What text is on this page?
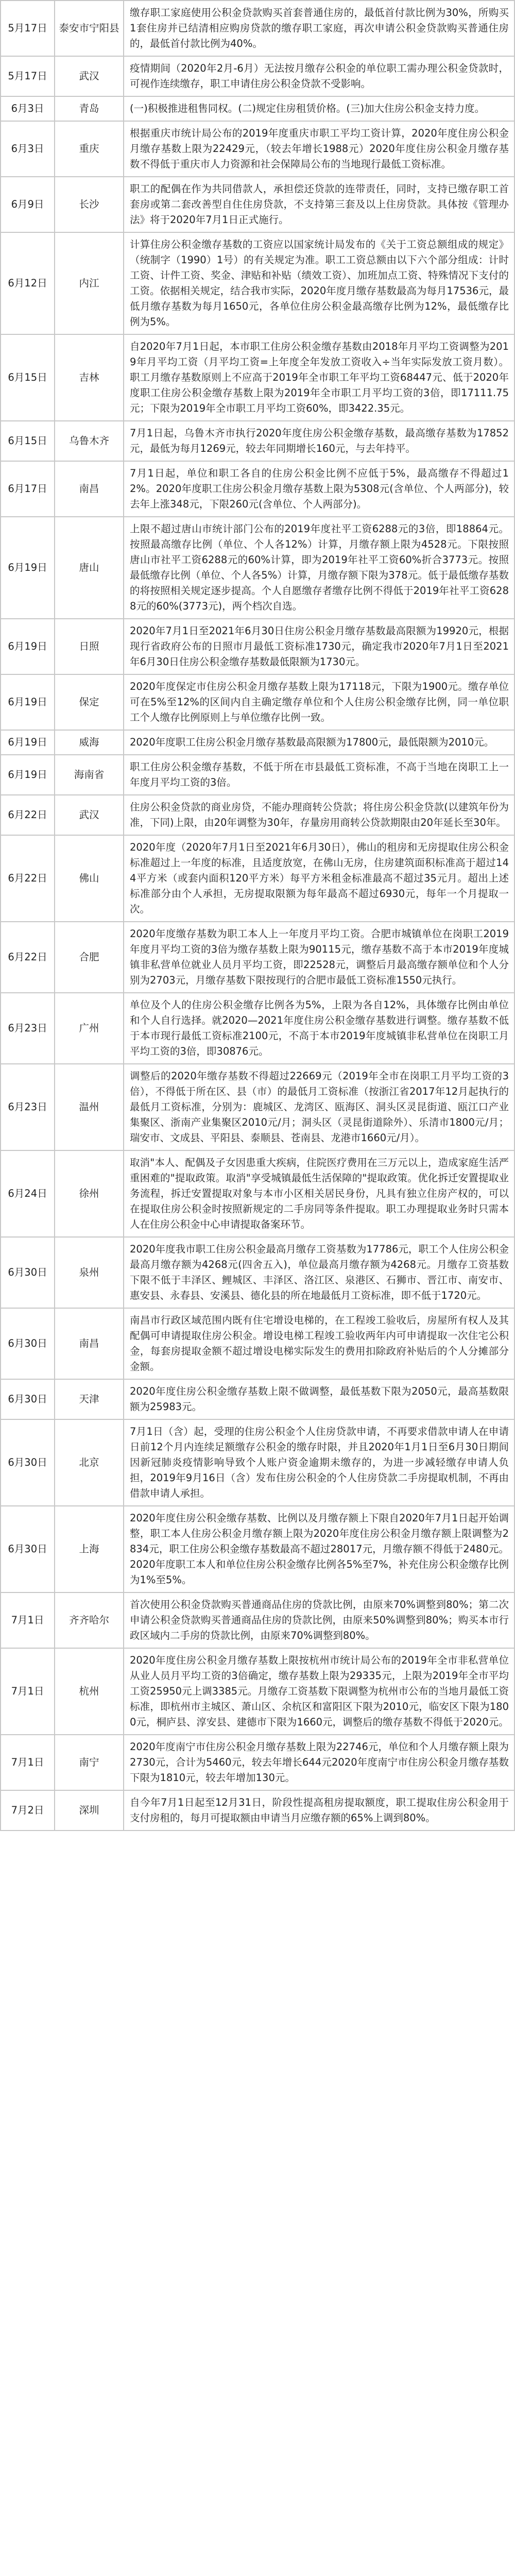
5月17日	泰安市宁阳县	缴存职工家庭使用公积金贷款购买首套普通住房的，最低首付款比例为30%，所购买1套住房并已结清相应购房贷款的缴存职工家庭，再次申请公积金贷款购买普通住房的，最低首付款比例为40%。
5月17日	武汉	疫情期间（2020年2月-6月）无法按月缴存公积金的单位职工需办理公积金贷款时，可视作连续缴存，职工申请住房公积金贷款不受影响。
6月3日	青岛	(一)积极推进租售同权。(二)规定住房租赁价格。(三)加大住房公积金支持力度。
6月3日	重庆	根据重庆市统计局公布的2019年度重庆市职工平均工资计算，2020年度住房公积金月缴存基数上限为22429元，（较去年增长1988元）2020年度住房公积金月缴存基数不得低于重庆市人力资源和社会保障局公布的当地现行最低工资标准。
6月9日	长沙	职工的配偶在作为共同借款人，承担偿还贷款的连带责任，同时，支持已缴存职工首套房或第二套改善型自住住房贷款，不支持第三套及以上住房贷款。具体按《管理办法》将于2020年7月1日正式施行。
6月12日	内江	计算住房公积金缴存基数的工资应以国家统计局发布的《关于工资总额组成的规定》（统制字（1990）1号）的有关规定为准。职工工资总额由以下六个部分组成：计时工资、计件工资、奖金、津贴和补贴（绩效工资）、加班加点工资、特殊情况下支付的工资。依据相关规定，结合我市实际，2020年度月缴存基数最高为每月17536元，最低月缴存基数为每月1650元，各单位住房公积金最高缴存比例为12%，最低缴存比例为5%。
6月15日	吉林	自2020年7月1日起，本市职工住房公积金缴存基数由2018年月平均工资调整为2019年月平均工资（月平均工资=上年度全年发放工资收入÷当年实际发放工资月数）。职工月缴存基数原则上不应高于2019年全市职工年平均工资68447元、低于2020年度职工住房公积金缴存基数上限为2019年全市职工月平均工资的3倍，即17111.75元；下限为2019年全市职工月平均工资60%，即3422.35元。
6月15日	乌鲁木齐	7月1日起，乌鲁木齐市执行2020年度住房公积金缴存基数，最高缴存基数为17852元，最低为每月1269元，较去年同期增长160元，与去年持平。
6月17日	南昌	7月1日起，单位和职工各自的住房公积金比例不应低于5%，最高缴存不得超过12%。2020年度职工住房公积金月缴存基数上限为5308元(含单位、个人两部分)，较去年上涨348元，下限260元(含单位、个人两部分)。
6月19日	唐山	上限不超过唐山市统计部门公布的2019年度社平工资6288元的3倍，即18864元。按照最高缴存比例（单位、个人各12%）计算，月缴存额上限为4528元。下限按照唐山市社平工资6288元的60%计算，即为2019年社平工资60%折合3773元。按照最低缴存比例（单位、个人各5%）计算，月缴存额下限为378元。低于最低缴存基数的将按照相关规定逐步提高。个人自愿缴存者缴存比例不得低于2019年社平工资6288元的60%(3773元)，两个档次自选。
6月19日	日照	2020年7月1日至2021年6月30日住房公积金月缴存基数最高限额为19920元，根据现行省政府公布的日照市月最低工资标准1730元，确定我市2020年7月1日至2021年6月30日住房公积金缴存基数最低限额为1730元。
6月19日	保定	2020年度保定市住房公积金月缴存基数上限为17118元，下限为1900元。缴存单位可在5%至12%的区间内自主确定缴存单位和个人住房公积金缴存比例，同一单位职工个人缴存比例原则上与单位缴存比例一致。
6月19日	威海	2020年度职工住房公积金月缴存基数最高限额为17800元，最低限额为2010元。
6月19日	海南省	职工住房公积金缴存基数，不低于所在市县最低工资标准，不高于当地在岗职工上一年度月平均工资的3倍。
6月22日	武汉	住房公积金贷款的商业房贷，不能办理商转公贷款；将住房公积金贷款(以建筑年份为准，下同)上限，由20年调整为30年，存量房用商转公贷款期限由20年延长至30年。
6月22日	佛山	2020年度（2020年7月1日至2021年6月30日），佛山的租房和无房提取住房公积金标准超过上一年度的标准，且适度放宽，在佛山无房，住房建筑面积标准高于超过144平方米（或套内面积120平方米）每平方米租金标准最高不超过35元月。超出上述标准部分由个人承担，无房提取限额为每年最高不超过6930元，每年一个月提取一次。
6月22日	合肥	2020年度缴存基数为职工本人上一年度月平均工资。合肥市城镇单位在岗职工2019年度月平均工资的3倍为缴存基数上限为90115元，缴存基数不高于本市2019年度城镇非私营单位就业人员月平均工资，即22528元，调整后月最高缴存额单位和个人分别为2703元，月缴存基数下限按现行的合肥市最低工资标准1550元执行。
6月23日	广州	单位及个人的住房公积金缴存比例各为5%，上限为各自12%，具体缴存比例由单位和个人自行选择。就2020—2021年度住房公积金缴存基数进行调整。缴存基数不低于本市现行最低工资标准2100元，不高于本市2019年度城镇非私营单位在岗职工月平均工资的3倍，即30876元。
6月23日	温州	调整后的2020年缴存基数不得超过22669元（2019年全市在岗职工月平均工资的3倍），不得低于所在区、县（市）的最低月工资标准（按浙江省2017年12月起执行的最低月工资标准，分别为：鹿城区、龙湾区、瓯海区、洞头区灵昆街道、瓯江口产业集聚区、浙南产业集聚区2010元/月；洞头区（灵昆街道除外）、乐清市1800元/月；瑞安市、文成县、平阳县、泰顺县、苍南县、龙港市1660元/月）。
6月24日	徐州	取消"本人、配偶及子女因患重大疾病，住院医疗费用在三万元以上，造成家庭生活严重困难的"提取政策。取消"享受城镇最低生活保障的"提取政策。优化拆迁安置提取业务流程，拆迁安置提取对象与本市小区相关居民身份，凡具有独立住房产权的，可以在提取住房公积金时按照新规定的二手房同等条件提取。职工办理提取业务时只需本人在住房公积金中心申请提取备案环节。
6月30日	泉州	2020年度我市职工住房公积金最高月缴存工资基数为17786元，职工个人住房公积金最高月缴存额为4268元(四舍五入)，单位最高月缴存额为4268元。月缴存工资基数下限不低于丰泽区、鲤城区、丰泽区、洛江区、泉港区、石狮市、晋江市、南安市、惠安县、永春县、安溪县、德化县的所在地最低月工资标准，即不低于1720元。
6月30日	南昌	南昌市行政区域范围内既有住宅增设电梯的，在工程竣工验收后，房屋所有权人及其配偶可申请提取住房公积金。增设电梯工程竣工验收两年内可申请提取一次住宅公积金，每套房提取金额不超过增设电梯实际发生的费用扣除政府补贴后的个人分摊部分金额。
6月30日	天津	2020年度住房公积金缴存基数上限不做调整，最低基数下限为2050元，最高基数限额为25983元。
6月30日	北京	7月1日（含）起，受理的住房公积金个人住房贷款申请，不再要求借款申请人在申请日前12个月内连续足额缴存公积金的缴存时限，并且2020年1月1日至6月30日期间因新冠肺炎疫情影响导致个人账户资金逾期未缴存的，为进一步减轻缴存申请人负担，2019年9月16日（含）发布住房公积金的个人住房贷款二手房提取机制，不再由借款申请人承担。
6月30日	上海	2020年度住房公积金缴存基数、比例以及月缴存额上下限自2020年7月1日起开始调整，职工本人住房公积金月缴存额上限为2020年度住房公积金月缴存额上限调整为2834元，职工住房公积金缴存基数最高不超过28017元，月缴存额不得低于2480元。2020年度职工本人和单位住房公积金缴存比例各5%至7%，补充住房公积金缴存比例为1%至5%。
7月1日	齐齐哈尔	首次使用公积金贷款购买普通商品住房的贷款比例，由原来70%调整到80%；第二次申请公积金贷款购买普通商品住房的贷款比例，由原来50%调整到80%；购买本市行政区域内二手房的贷款比例，由原来70%调整到80%。
7月1日	杭州	2020年度住房公积金月缴存基数上限按杭州市统计局公布的2019年全市非私营单位从业人员月平均工资的3倍确定，缴存基数上限为29335元，上限为2019年全市平均工资25950元上调3385元。月缴存工资基数下限调整为杭州市公布的当地月最低工资标准，即杭州市主城区、萧山区、余杭区和富阳区下限为2010元，临安区下限为1800元，桐庐县、淳安县、建德市下限为1660元，调整后的缴存基数不得低于2020元。
7月1日	南宁	2020年度南宁市住房公积金月缴存基数上限为22746元，单位和个人月缴存额上限为2730元，合计为5460元，较去年增长644元2020年度南宁市住房公积金月缴存基数下限为1810元，较去年增加130元。
7月2日	深圳	自今年7月1日起至12月31日，阶段性提高租房提取额度，职工提取住房公积金用于支付房租的，每月可提取额由申请当月应缴存额的65%上调到80%。
